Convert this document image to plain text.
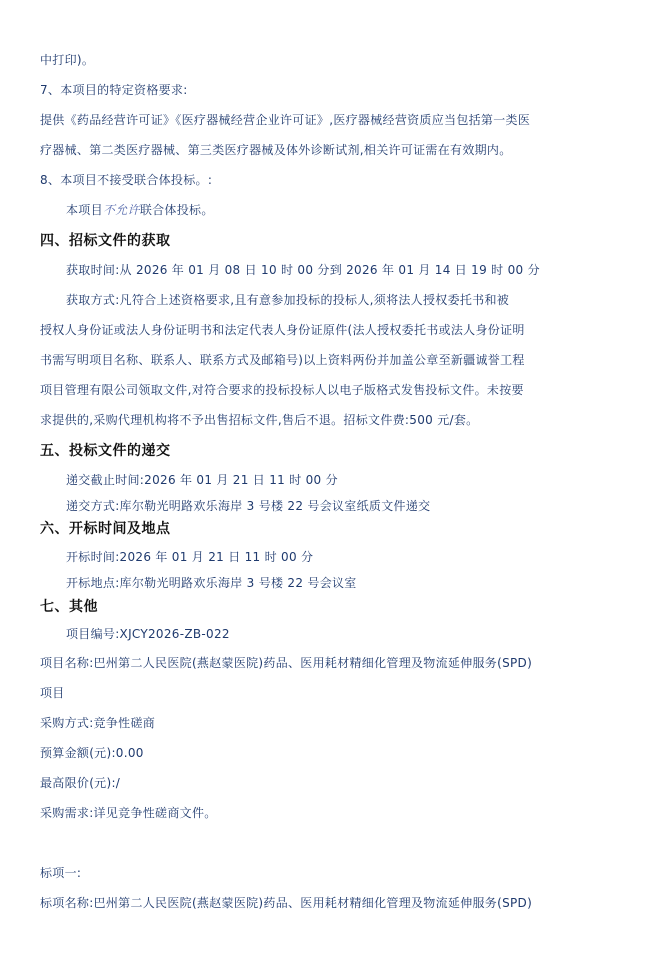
中打印)。
7、本项目的特定资格要求:
提供《药品经营许可证》《医疗器械经营企业许可证》,医疗器械经营资质应当包括第一类医
疗器械、第二类医疗器械、第三类医疗器械及体外诊断试剂,相关许可证需在有效期内。
8、本项目不接受联合体投标。:
本项目不允许联合体投标。
四、招标文件的获取
获取时间:从 2026 年 01 月 08 日 10 时 00 分到 2026 年 01 月 14 日 19 时 00 分
获取方式:凡符合上述资格要求,且有意参加投标的投标人,须将法人授权委托书和被
授权人身份证或法人身份证明书和法定代表人身份证原件(法人授权委托书或法人身份证明
书需写明项目名称、联系人、联系方式及邮箱号)以上资料两份并加盖公章至新疆诚誉工程
项目管理有限公司领取文件,对符合要求的投标投标人以电子版格式发售投标文件。未按要
求提供的,采购代理机构将不予出售招标文件,售后不退。招标文件费:500 元/套。
五、投标文件的递交
递交截止时间:2026 年 01 月 21 日 11 时 00 分
递交方式:库尔勒光明路欢乐海岸 3 号楼 22 号会议室纸质文件递交
六、开标时间及地点
开标时间:2026 年 01 月 21 日 11 时 00 分
开标地点:库尔勒光明路欢乐海岸 3 号楼 22 号会议室
七、其他
项目编号:XJCY2026-ZB-022
项目名称:巴州第二人民医院(燕赵蒙医院)药品、医用耗材精细化管理及物流延伸服务(SPD)
项目
采购方式:竞争性磋商
预算金额(元):0.00
最高限价(元):/
采购需求:详见竞争性磋商文件。
标项一:
标项名称:巴州第二人民医院(燕赵蒙医院)药品、医用耗材精细化管理及物流延伸服务(SPD)
